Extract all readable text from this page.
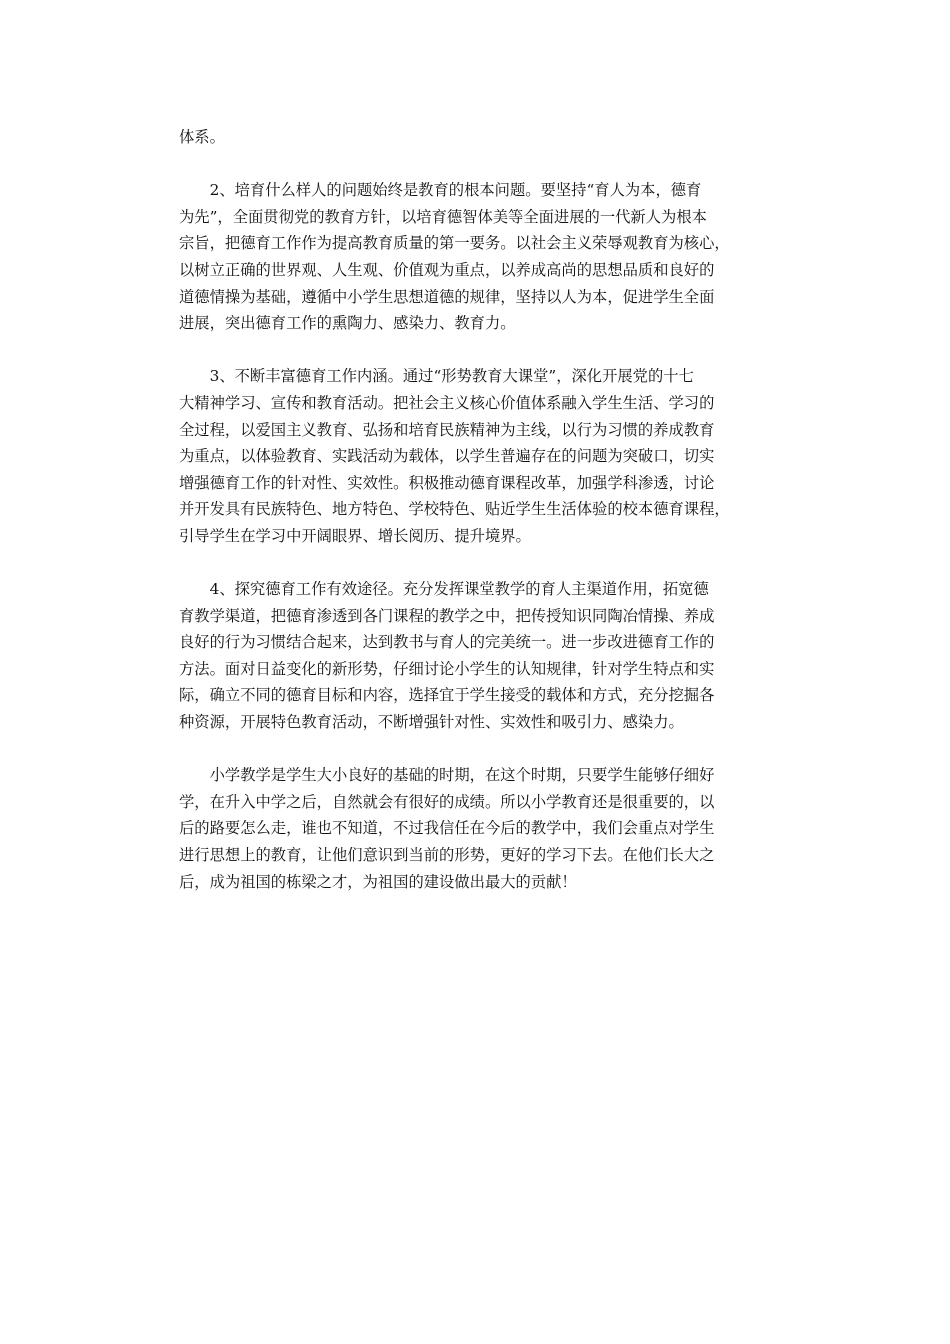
体系。

2、培育什么样人的问题始终是教育的根本问题。要坚持“育人为本，德育
为先”，全面贯彻党的教育方针，以培育德智体美等全面进展的一代新人为根本
宗旨，把德育工作作为提高教育质量的第一要务。以社会主义荣辱观教育为核心，
以树立正确的世界观、人生观、价值观为重点，以养成高尚的思想品质和良好的
道德情操为基础，遵循中小学生思想道德的规律，坚持以人为本，促进学生全面
进展，突出德育工作的熏陶力、感染力、教育力。

3、不断丰富德育工作内涵。通过“形势教育大课堂”，深化开展党的十七
大精神学习、宣传和教育活动。把社会主义核心价值体系融入学生生活、学习的
全过程，以爱国主义教育、弘扬和培育民族精神为主线，以行为习惯的养成教育
为重点，以体验教育、实践活动为载体，以学生普遍存在的问题为突破口，切实
增强德育工作的针对性、实效性。积极推动德育课程改革，加强学科渗透，讨论
并开发具有民族特色、地方特色、学校特色、贴近学生生活体验的校本德育课程，
引导学生在学习中开阔眼界、增长阅历、提升境界。

4、探究德育工作有效途径。充分发挥课堂教学的育人主渠道作用，拓宽德
育教学渠道，把德育渗透到各门课程的教学之中，把传授知识同陶冶情操、养成
良好的行为习惯结合起来，达到教书与育人的完美统一。进一步改进德育工作的
方法。面对日益变化的新形势，仔细讨论小学生的认知规律，针对学生特点和实
际，确立不同的德育目标和内容，选择宜于学生接受的载体和方式，充分挖掘各
种资源，开展特色教育活动，不断增强针对性、实效性和吸引力、感染力。

小学教学是学生大小良好的基础的时期，在这个时期，只要学生能够仔细好
学，在升入中学之后，自然就会有很好的成绩。所以小学教育还是很重要的，以
后的路要怎么走，谁也不知道，不过我信任在今后的教学中，我们会重点对学生
进行思想上的教育，让他们意识到当前的形势，更好的学习下去。在他们长大之
后，成为祖国的栋梁之才，为祖国的建设做出最大的贡献！
